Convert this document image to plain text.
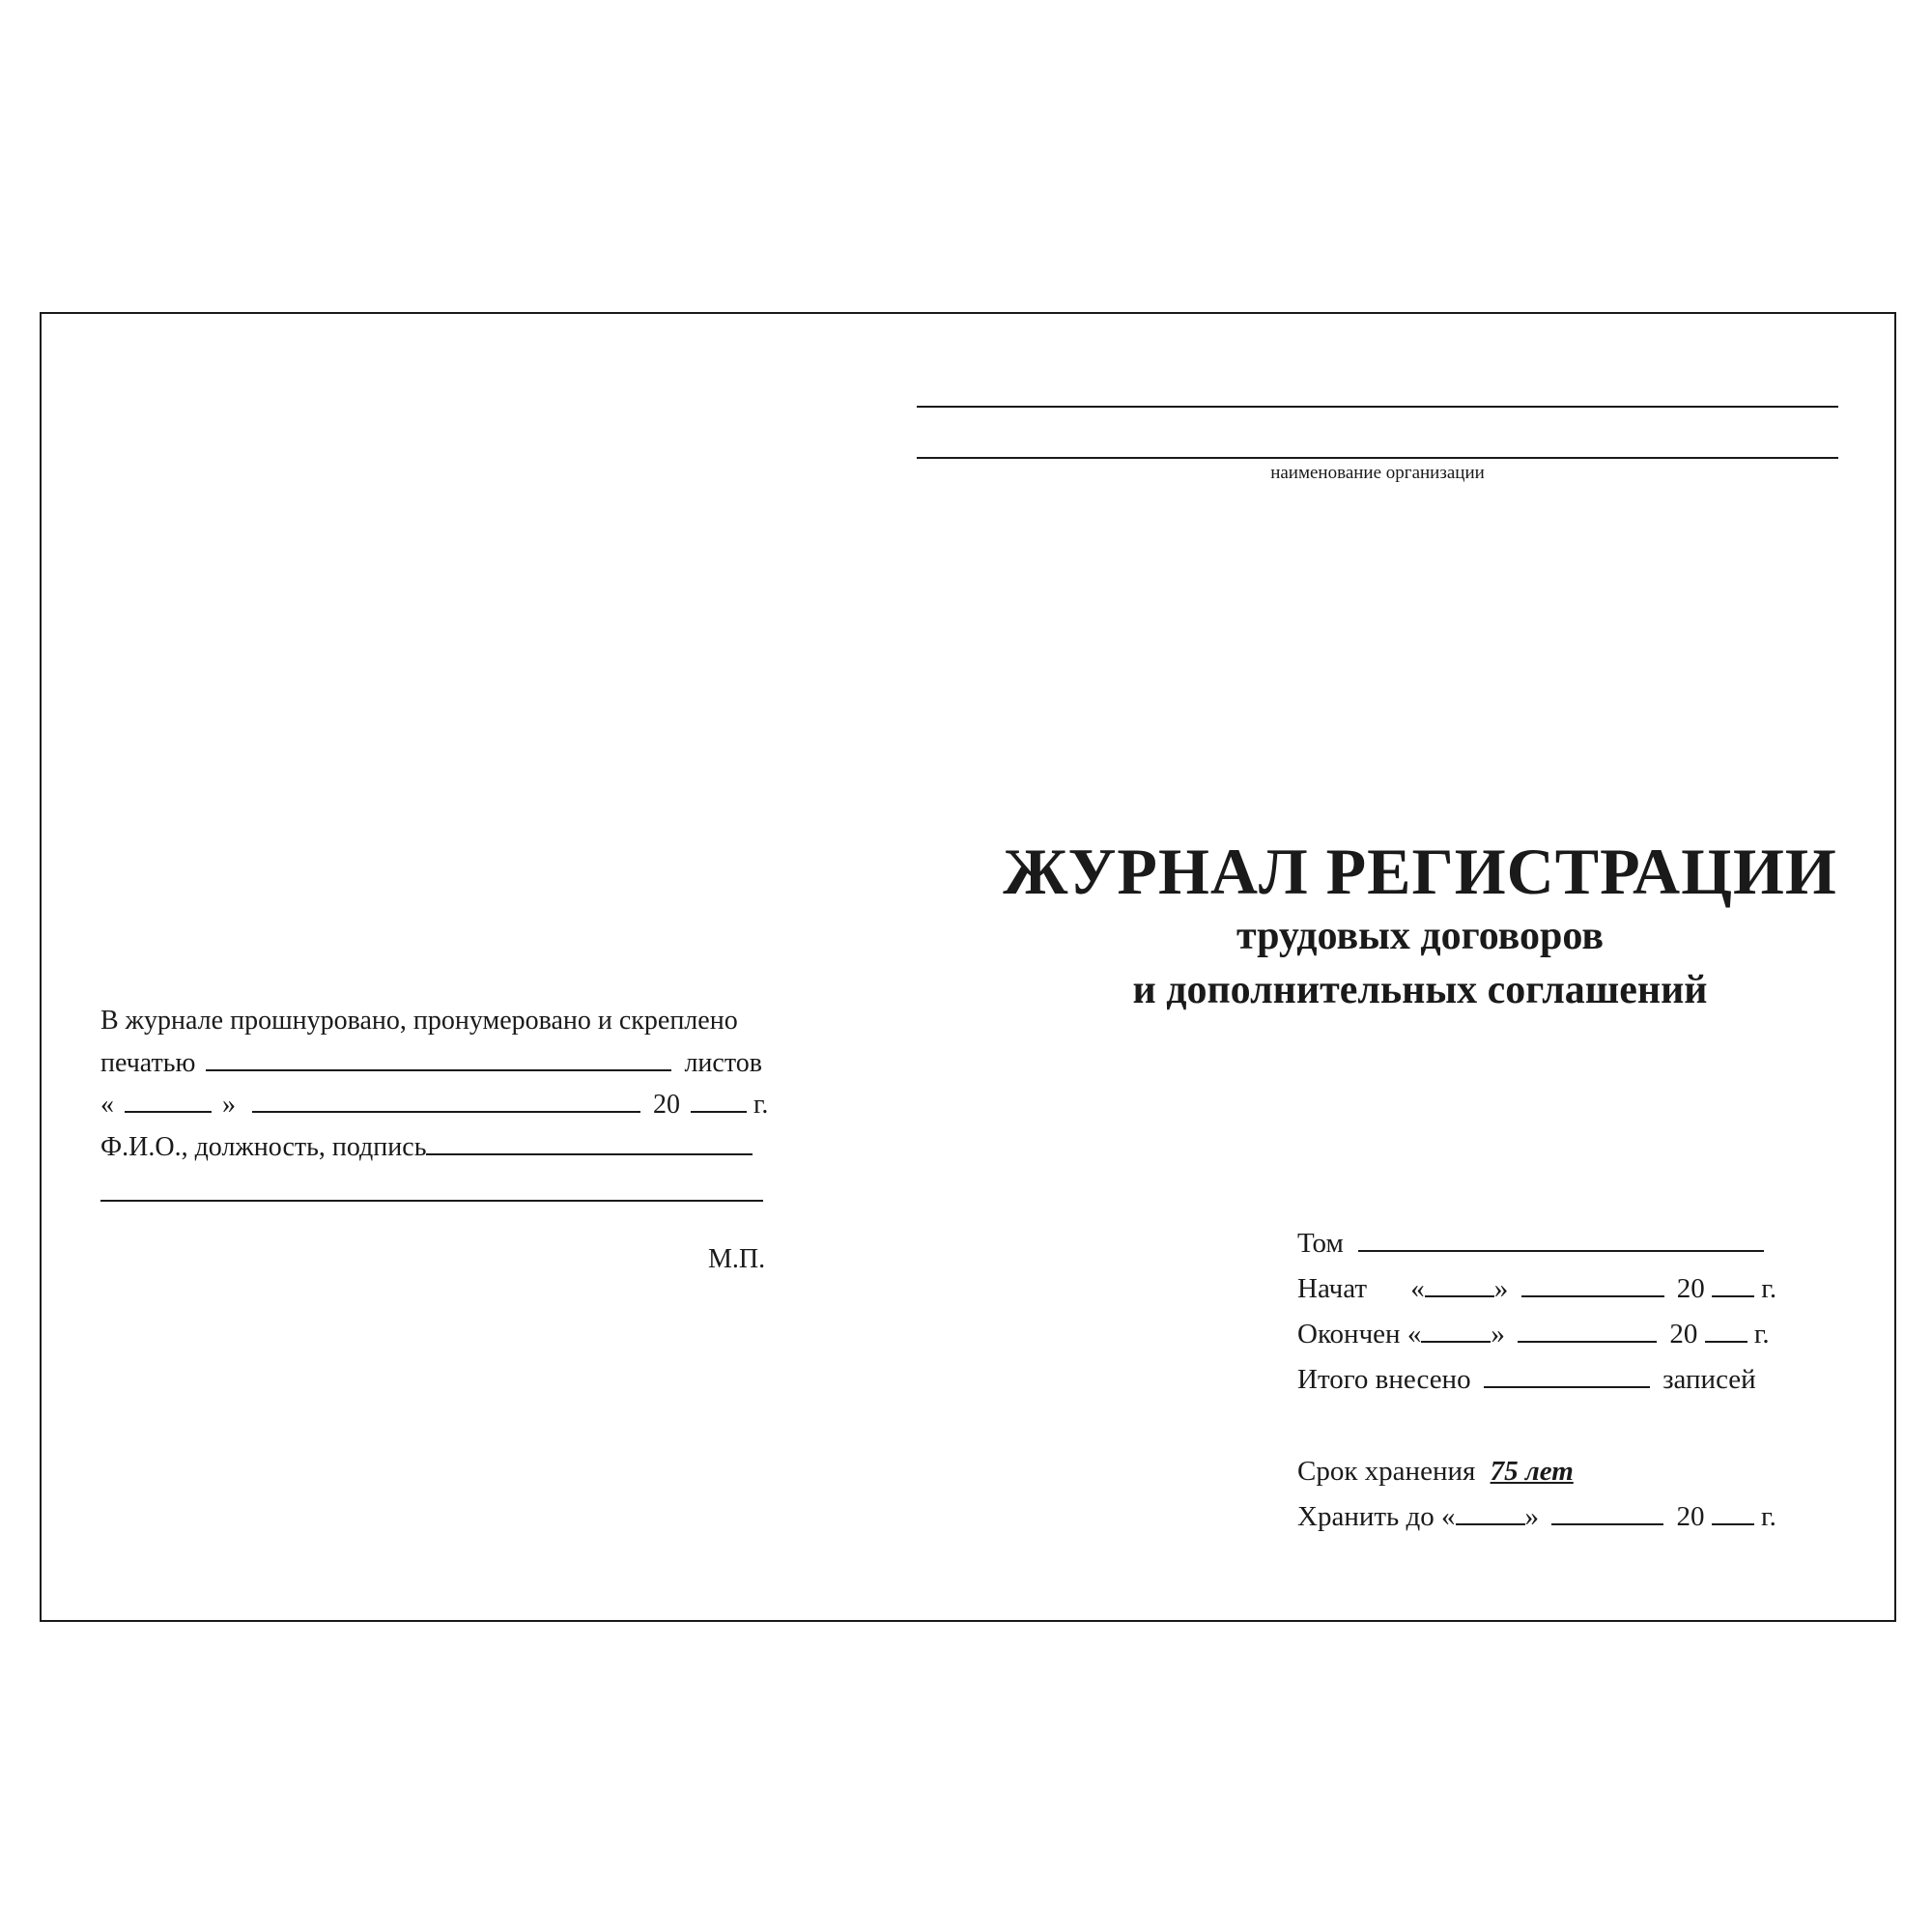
наименование организации
ЖУРНАЛ РЕГИСТРАЦИИ
трудовых договоров
и дополнительных соглашений
Том
Начат « »	20 г.
Окончен « »	20 г.
Итого внесено	записей
Срок хранения 75 лет
Хранить до « »	20 г.
В журнале прошнуровано, пронумеровано и скреплено
печатью	листов
«	»	20	г.
Ф.И.О., должность, подпись
М.П.
